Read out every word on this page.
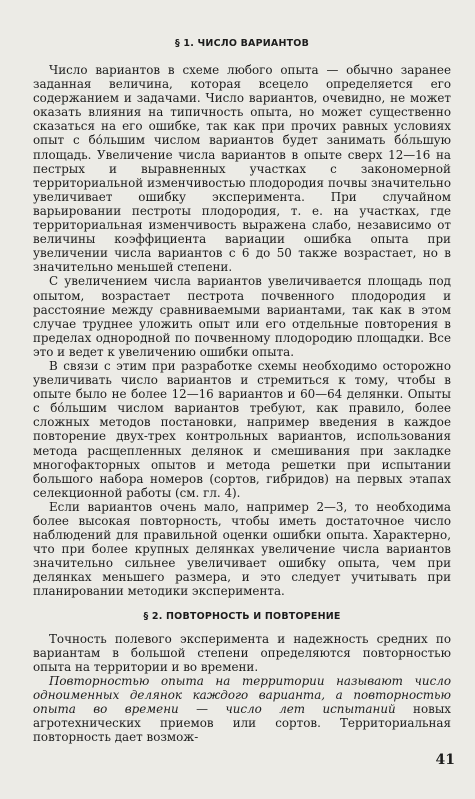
§ 1. ЧИСЛО ВАРИАНТОВ

Число вариантов в схеме любого опыта — обычно заранее заданная величина, которая всецело определяется его содержанием и задачами. Число вариантов, очевидно, не может оказать влияния на типичность опыта, но может существенно сказаться на его ошибке, так как при прочих равных условиях опыт с бо́льшим числом вариантов будет занимать бо́льшую площадь. Увеличение числа вариантов в опыте сверх 12—16 на пестрых и выравненных участках с закономерной территориальной изменчивостью плодородия почвы значительно увеличивает ошибку эксперимента. При случайном варьировании пестроты плодородия, т. е. на участках, где территориальная изменчивость выражена слабо, независимо от величины коэффициента вариации ошибка опыта при увеличении числа вариантов с 6 до 50 также возрастает, но в значительно меньшей степени.

С увеличением числа вариантов увеличивается площадь под опытом, возрастает пестрота почвенного плодородия и расстояние между сравниваемыми вариантами, так как в этом случае труднее уложить опыт или его отдельные повторения в пределах однородной по почвенному плодородию площадки. Все это и ведет к увеличению ошибки опыта.

В связи с этим при разработке схемы необходимо осторожно увеличивать число вариантов и стремиться к тому, чтобы в опыте было не более 12—16 вариантов и 60—64 делянки. Опыты с бо́льшим числом вариантов требуют, как правило, более сложных методов постановки, например введения в каждое повторение двух-трех контрольных вариантов, использования метода расщепленных делянок и смешивания при закладке многофакторных опытов и метода решетки при испытании большого набора номеров (сортов, гибридов) на первых этапах селекционной работы (см. гл. 4).

Если вариантов очень мало, например 2—3, то необходима более высокая повторность, чтобы иметь достаточное число наблюдений для правильной оценки ошибки опыта. Характерно, что при более крупных делянках увеличение числа вариантов значительно сильнее увеличивает ошибку опыта, чем при делянках меньшего размера, и это следует учитывать при планировании методики эксперимента.

§ 2. ПОВТОРНОСТЬ И ПОВТОРЕНИЕ

Точность полевого эксперимента и надежность средних по вариантам в большой степени определяются повторностью опыта на территории и во времени.

Повторностью опыта на территории называют число одноименных делянок каждого варианта, а повторностью опыта во времени — число лет испытаний новых агротехнических приемов или сортов. Территориальная повторность дает возмож-

41
